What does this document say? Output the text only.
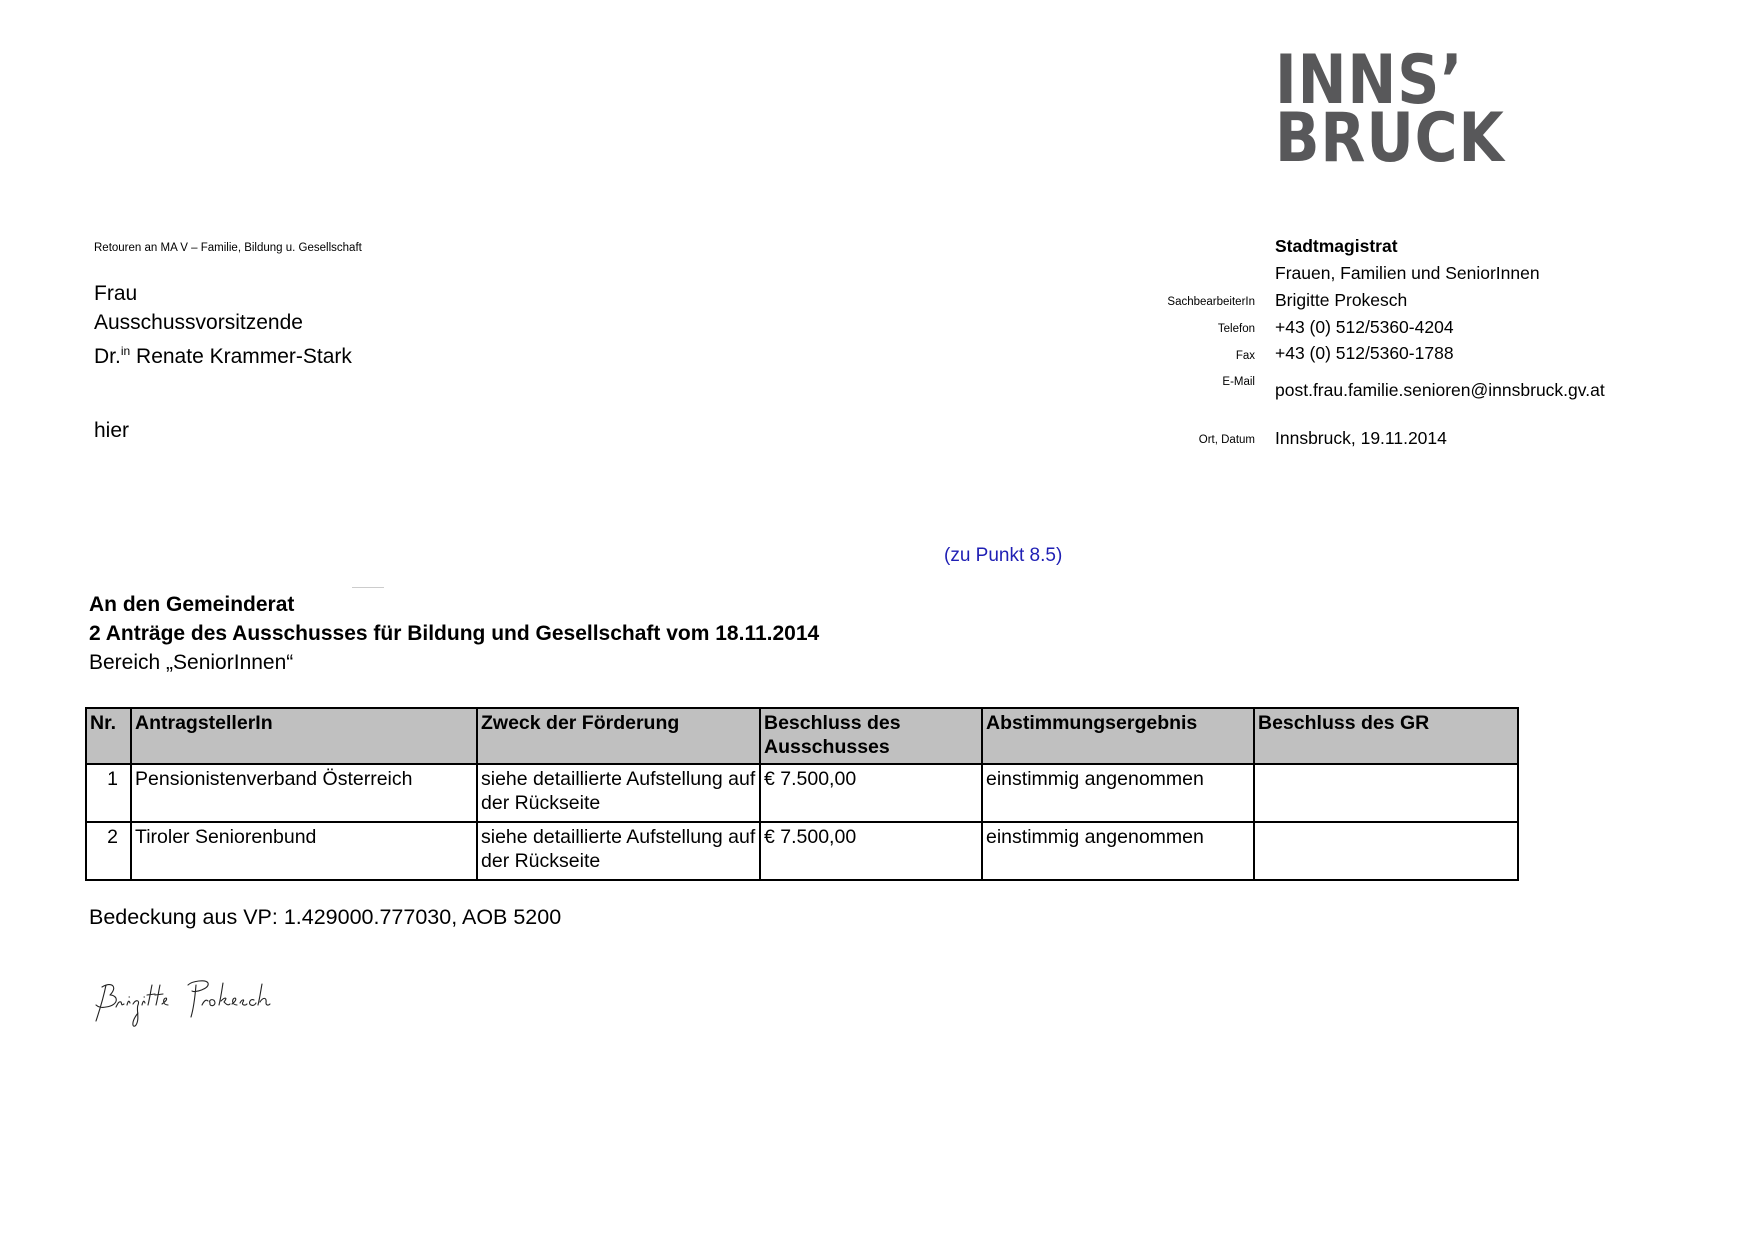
INNS’
BRUCK
Retouren an MA V – Familie, Bildung u. Gesellschaft
Frau
Ausschussvorsitzende
Dr.$^{in}$ Renate Krammer-Stark
hier
Stadtmagistrat
Frauen, Familien und SeniorInnen
SachbearbeiterIn Brigitte Prokesch
Telefon +43 (0) 512/5360-4204
Fax +43 (0) 512/5360-1788
E-Mail post.frau.familie.senioren@innsbruck.gv.at
Ort, Datum Innsbruck, 19.11.2014
(zu Punkt 8.5)
An den Gemeinderat
2 Anträge des Ausschusses für Bildung und Gesellschaft vom 18.11.2014
Bereich „SeniorInnen“
Nr.	AntragstellerIn	Zweck der Förderung	Beschluss des Ausschusses	Abstimmungsergebnis	Beschluss des GR
1	Pensionistenverband Österreich	siehe detaillierte Aufstellung auf der Rückseite	€ 7.500,00	einstimmig angenommen	
2	Tiroler Seniorenbund	siehe detaillierte Aufstellung auf der Rückseite	€ 7.500,00	einstimmig angenommen	
Bedeckung aus VP: 1.429000.777030, AOB 5200
